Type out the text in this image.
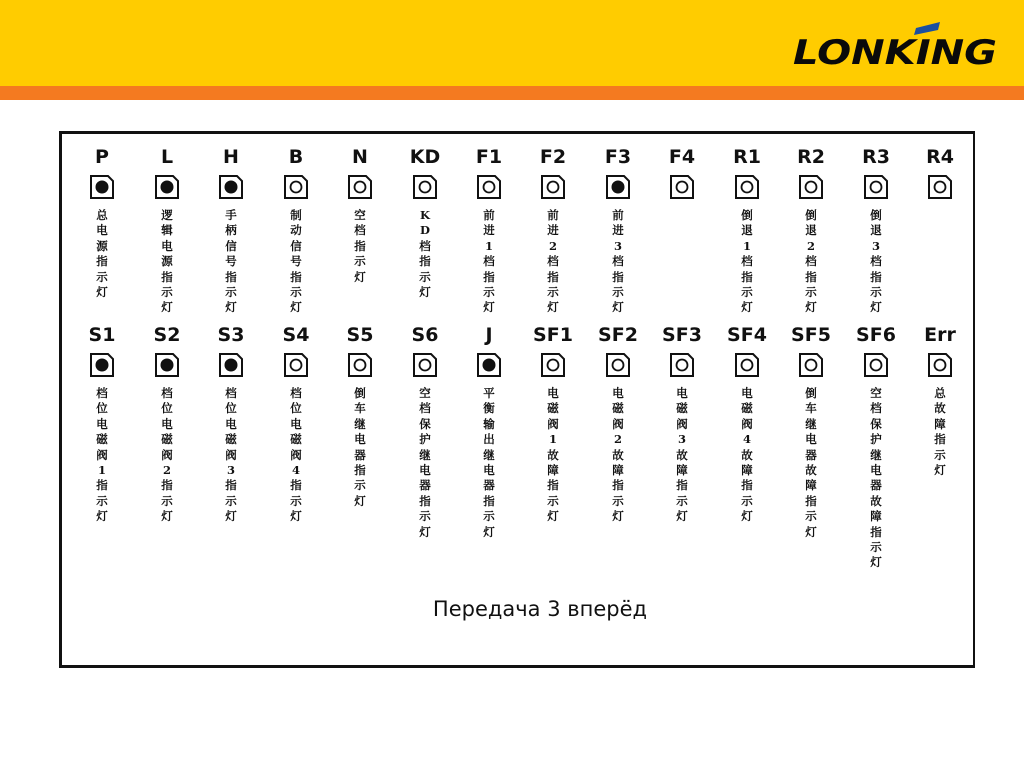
LONKING
P
总电源指示灯
L
逻辑电源指示灯
H
手柄信号指示灯
B
制动信号指示灯
N
空档指示灯
KD
KD档指示灯
F1
前进1档指示灯
F2
前进2档指示灯
F3
前进3档指示灯
F4	R1
倒退1档指示灯
R2
倒退2档指示灯
R3
倒退3档指示灯
R4
S1
档位电磁阀1指示灯
S2
档位电磁阀2指示灯
S3
档位电磁阀3指示灯
S4
档位电磁阀4指示灯
S5
倒车继电器指示灯
S6
空档保护继电器指示灯
J
平衡输出继电器指示灯
SF1
电磁阀1故障指示灯
SF2
电磁阀2故障指示灯
SF3
电磁阀3故障指示灯
SF4
电磁阀4故障指示灯
SF5
倒车继电器故障指示灯
SF6
空档保护继电器故障指示灯
Err
总故障指示灯
Передача 3 вперёд
